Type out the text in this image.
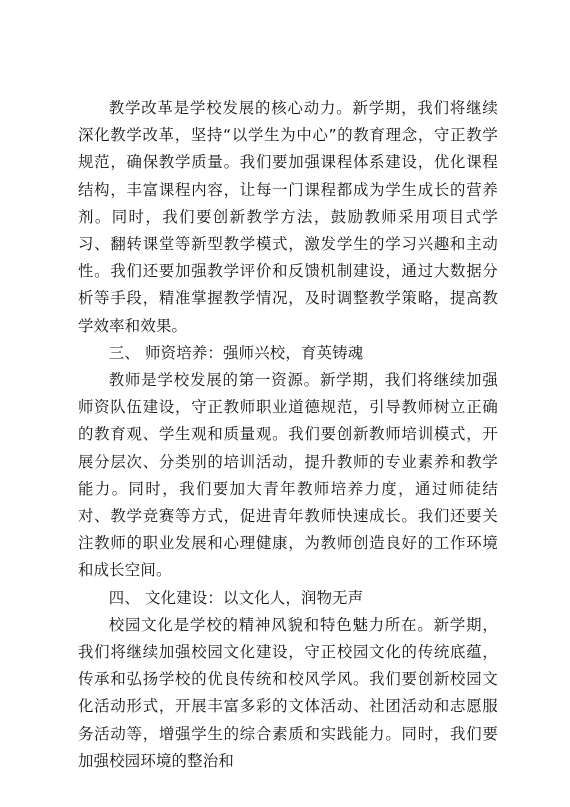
教学改革是学校发展的核心动力。新学期，我们将继续深化教学改革，坚持“以学生为中心”的教育理念，守正教学规范，确保教学质量。我们要加强课程体系建设，优化课程结构，丰富课程内容，让每一门课程都成为学生成长的营养剂。同时，我们要创新教学方法，鼓励教师采用项目式学习、翻转课堂等新型教学模式，激发学生的学习兴趣和主动性。我们还要加强教学评价和反馈机制建设，通过大数据分析等手段，精准掌握教学情况，及时调整教学策略，提高教学效率和效果。

三、 师资培养：强师兴校，育英铸魂

教师是学校发展的第一资源。新学期，我们将继续加强师资队伍建设，守正教师职业道德规范，引导教师树立正确的教育观、学生观和质量观。我们要创新教师培训模式，开展分层次、分类别的培训活动，提升教师的专业素养和教学能力。同时，我们要加大青年教师培养力度，通过师徒结对、教学竞赛等方式，促进青年教师快速成长。我们还要关注教师的职业发展和心理健康，为教师创造良好的工作环境和成长空间。

四、 文化建设：以文化人，润物无声

校园文化是学校的精神风貌和特色魅力所在。新学期，我们将继续加强校园文化建设，守正校园文化的传统底蕴，传承和弘扬学校的优良传统和校风学风。我们要创新校园文化活动形式，开展丰富多彩的文体活动、社团活动和志愿服务活动等，增强学生的综合素质和实践能力。同时，我们要加强校园环境的整治和
